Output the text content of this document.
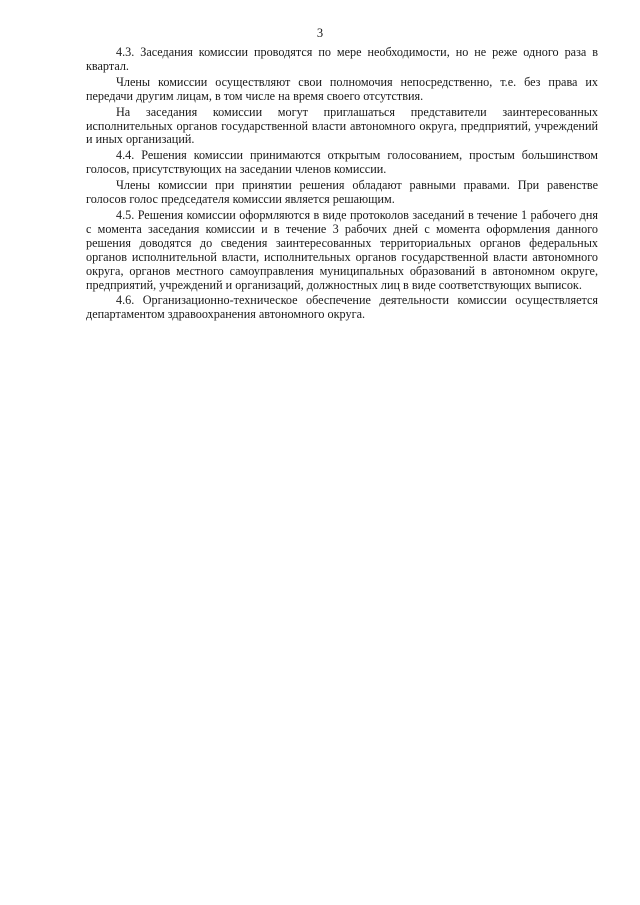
3

4.3. Заседания комиссии проводятся по мере необходимости, но не реже одного раза в квартал.

Члены комиссии осуществляют свои полномочия непосредственно, т.е. без права их передачи другим лицам, в том числе на время своего отсутствия.

На заседания комиссии могут приглашаться представители заинтересованных исполнительных органов государственной власти автономного округа, предприятий, учреждений и иных организаций.

4.4. Решения комиссии принимаются открытым голосованием, простым большинством голосов, присутствующих на заседании членов комиссии.

Члены комиссии при принятии решения обладают равными правами. При равенстве голосов голос председателя комиссии является решающим.

4.5. Решения комиссии оформляются в виде протоколов заседаний в течение 1 рабочего дня с момента заседания комиссии и в течение 3 рабочих дней с момента оформления данного решения доводятся до сведения заинтересованных территориальных органов федеральных органов исполнительной власти, исполнительных органов государственной власти автономного округа, органов местного самоуправления муниципальных образований в автономном округе, предприятий, учреждений и организаций, должностных лиц в виде соответствующих выписок.

4.6. Организационно-техническое обеспечение деятельности комиссии осуществляется департаментом здравоохранения автономного округа.
